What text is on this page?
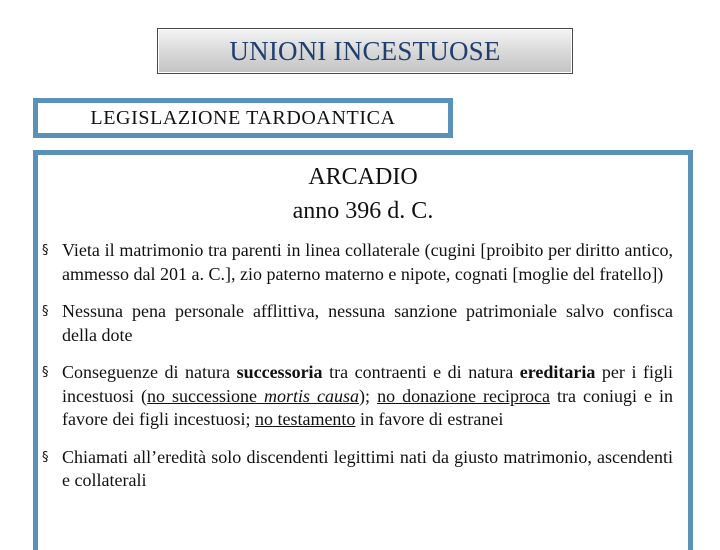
UNIONI INCESTUOSE
LEGISLAZIONE TARDOANTICA
ARCADIO
anno 396 d. C.
§ Vieta il matrimonio tra parenti in linea collaterale (cugini [proibito per diritto antico, ammesso dal 201 a. C.], zio paterno materno e nipote, cognati [moglie del fratello])
§ Nessuna pena personale afflittiva, nessuna sanzione patrimoniale salvo confisca della dote
§ Conseguenze di natura successoria tra contraenti e di natura ereditaria per i figli incestuosi (no successione mortis causa); no donazione reciproca tra coniugi e in favore dei figli incestuosi; no testamento in favore di estranei
§ Chiamati all’eredità solo discendenti legittimi nati da giusto matrimonio, ascendenti e collaterali
